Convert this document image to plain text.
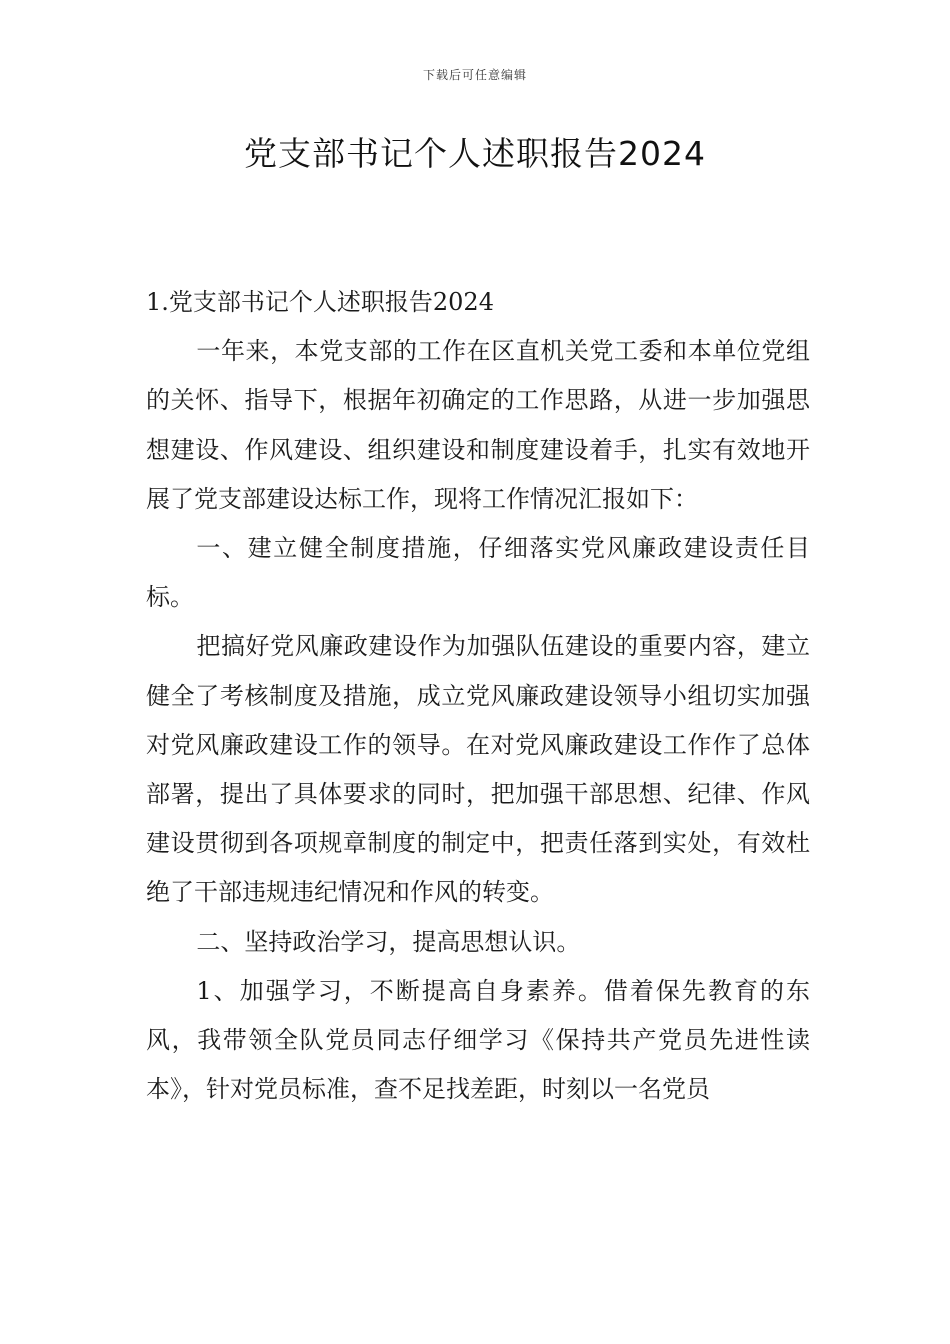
下载后可任意编辑
党支部书记个人述职报告2024

1.党支部书记个人述职报告2024

一年来，本党支部的工作在区直机关党工委和本单位党组的关怀、指导下，根据年初确定的工作思路，从进一步加强思想建设、作风建设、组织建设和制度建设着手，扎实有效地开展了党支部建设达标工作，现将工作情况汇报如下：

一、建立健全制度措施，仔细落实党风廉政建设责任目标。

把搞好党风廉政建设作为加强队伍建设的重要内容，建立健全了考核制度及措施，成立党风廉政建设领导小组切实加强对党风廉政建设工作的领导。在对党风廉政建设工作作了总体部署，提出了具体要求的同时，把加强干部思想、纪律、作风建设贯彻到各项规章制度的制定中，把责任落到实处，有效杜绝了干部违规违纪情况和作风的转变。

二、坚持政治学习，提高思想认识。

1、加强学习，不断提高自身素养。借着保先教育的东风，我带领全队党员同志仔细学习《保持共产党员先进性读本》，针对党员标准，查不足找差距，时刻以一名党员
